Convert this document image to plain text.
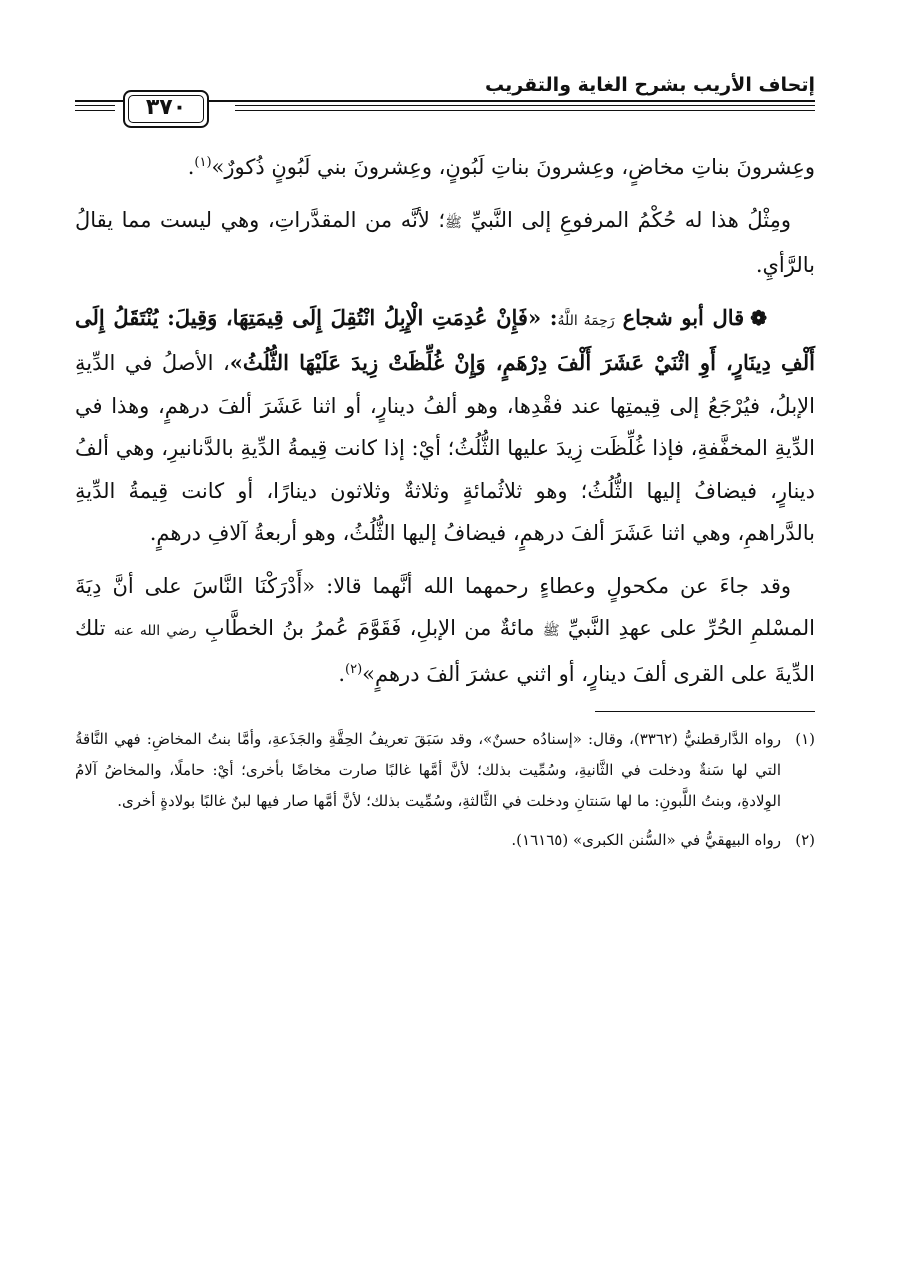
إتحاف الأريب بشرح الغاية والتقريب
٣٧٠

وعِشرونَ بناتِ مخاضٍ، وعِشرونَ بناتِ لَبُونٍ، وعِشرونَ بني لَبُونٍ ذُكورٌ»$^{(١)}$.

ومِثْلُ هذا له حُكْمُ المرفوعِ إلى النَّبيِّ ﷺ؛ لأنَّه من المقدَّراتِ، وهي ليست مما يقالُ بالرَّأيِ.

❁قال أبو شجاع رَحِمَهُ اللَّهُ: «فَإِنْ عُدِمَتِ الْإِبِلُ انْتُقِلَ إِلَى قِيمَتِهَا، وَقِيلَ: يُنْتَقَلُ إِلَى أَلْفِ دِينَارٍ، أَوِ اثْنَيْ عَشَرَ أَلْفَ دِرْهَمٍ، وَإِنْ غُلِّظَتْ زِيدَ عَلَيْهَا الثُّلُثُ»، الأصلُ في الدِّيةِ الإبلُ، فيُرْجَعُ إلى قِيمتِها عند فقْدِها، وهو ألفُ دينارٍ، أو اثنا عَشَرَ ألفَ درهمٍ، وهذا في الدِّيةِ المخفَّفةِ، فإذا غُلِّظَت زِيدَ عليها الثُّلُثُ؛ أيْ: إذا كانت قِيمةُ الدِّيةِ بالدَّنانيرِ، وهي ألفُ دينارٍ، فيضافُ إليها الثُّلُثُ؛ وهو ثلاثُمائةٍ وثلاثةٌ وثلاثون دينارًا، أو كانت قِيمةُ الدِّيةِ بالدَّراهمِ، وهي اثنا عَشَرَ ألفَ درهمٍ، فيضافُ إليها الثُّلُثُ، وهو أربعةُ آلافِ درهمٍ.

وقد جاءَ عن مكحولٍ وعطاءٍ رحمهما الله أنَّهما قالا: «أَدْرَكْنَا النَّاسَ على أنَّ دِيَةَ المسْلمِ الحُرِّ على عهدِ النَّبيِّ ﷺ مائةٌ من الإبلِ، فَقَوَّمَ عُمرُ بنُ الخطَّابِ رضي الله عنه تلك الدِّيةَ على القرى ألفَ دينارٍ، أو اثني عشرَ ألفَ درهمٍ»$^{(٢)}$.

(١)
رواه الدَّارقطنيُّ (٣٣٦٢)، وقال: «إسنادُه حسنٌ»، وقد سَبَقَ تعريفُ الحِقَّةِ والجَذَعةِ، وأمَّا بنتُ المخاضِ: فهي النَّاقةُ التي لها سَنةٌ ودخلت في الثَّانيةِ، وسُمِّيت بذلك؛ لأنَّ أمَّها غالبًا صارت مخاضًا بأخرى؛ أيْ: حاملًا، والمخاضُ آلامُ الوِلادةِ، وبنتُ اللَّبونِ: ما لها سَنتانِ ودخلت في الثَّالثةِ، وسُمِّيت بذلك؛ لأنَّ أمَّها صار فيها لبنٌ غالبًا بولادةٍ أخرى.
(٢)
رواه البيهقيُّ في «السُّنن الكبرى» (١٦١٦٥).
